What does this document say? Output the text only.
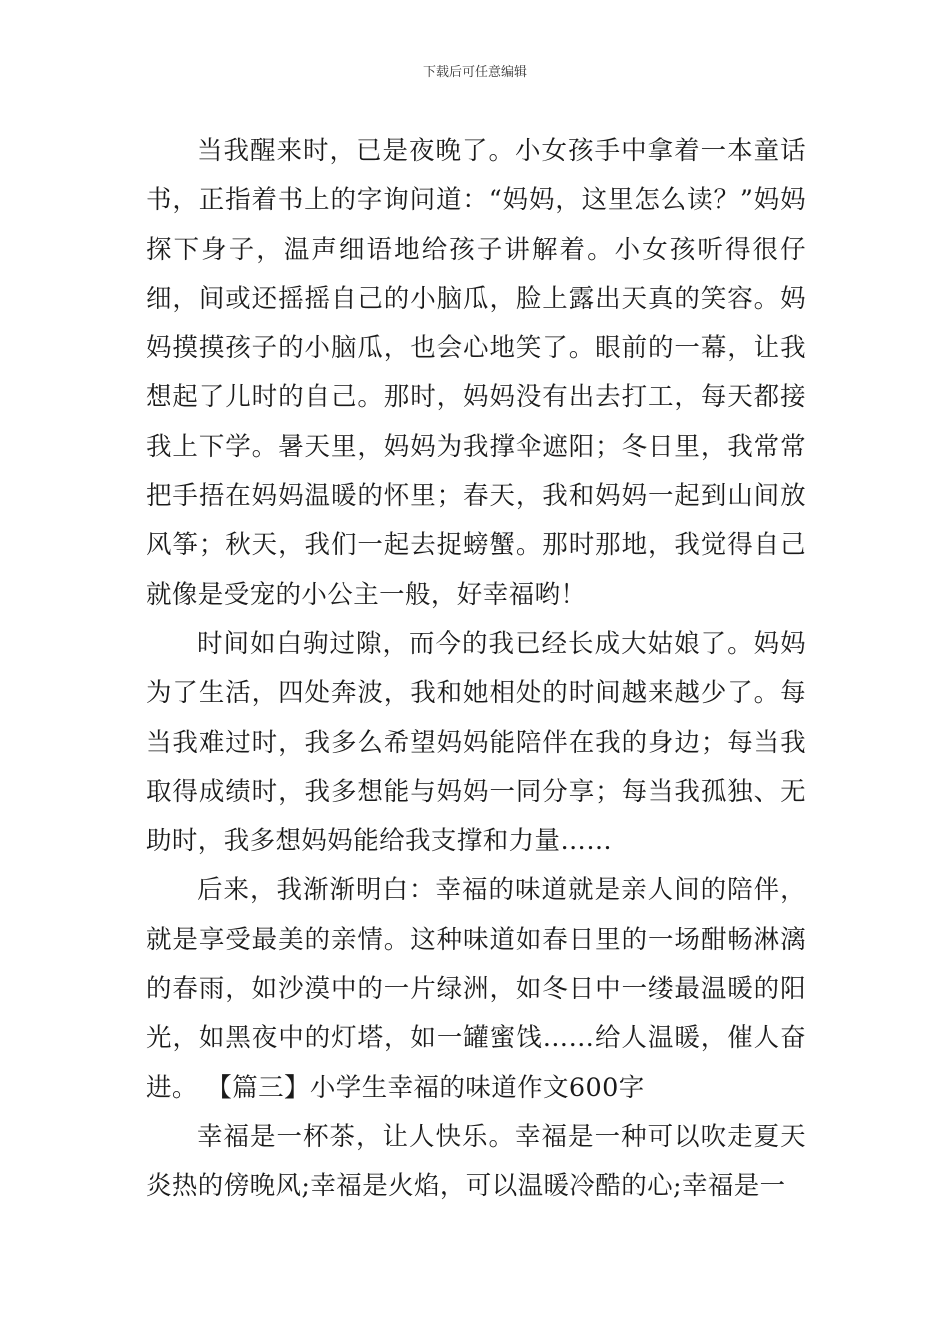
下载后可任意编辑

当我醒来时，已是夜晚了。小女孩手中拿着一本童话书，正指着书上的字询问道：“妈妈，这里怎么读？”妈妈探下身子，温声细语地给孩子讲解着。小女孩听得很仔细，间或还摇摇自己的小脑瓜，脸上露出天真的笑容。妈妈摸摸孩子的小脑瓜，也会心地笑了。眼前的一幕，让我想起了儿时的自己。那时，妈妈没有出去打工，每天都接我上下学。暑天里，妈妈为我撑伞遮阳；冬日里，我常常把手捂在妈妈温暖的怀里；春天，我和妈妈一起到山间放风筝；秋天，我们一起去捉螃蟹。那时那地，我觉得自己就像是受宠的小公主一般，好幸福哟！

时间如白驹过隙，而今的我已经长成大姑娘了。妈妈为了生活，四处奔波，我和她相处的时间越来越少了。每当我难过时，我多么希望妈妈能陪伴在我的身边；每当我取得成绩时，我多想能与妈妈一同分享；每当我孤独、无助时，我多想妈妈能给我支撑和力量……

后来，我渐渐明白：幸福的味道就是亲人间的陪伴，就是享受最美的亲情。这种味道如春日里的一场酣畅淋漓的春雨，如沙漠中的一片绿洲，如冬日中一缕最温暖的阳光，如黑夜中的灯塔，如一罐蜜饯……给人温暖，催人奋进。 【篇三】小学生幸福的味道作文600字

幸福是一杯茶，让人快乐。幸福是一种可以吹走夏天炎热的傍晚风;幸福是火焰，可以温暖冷酷的心;幸福是一
